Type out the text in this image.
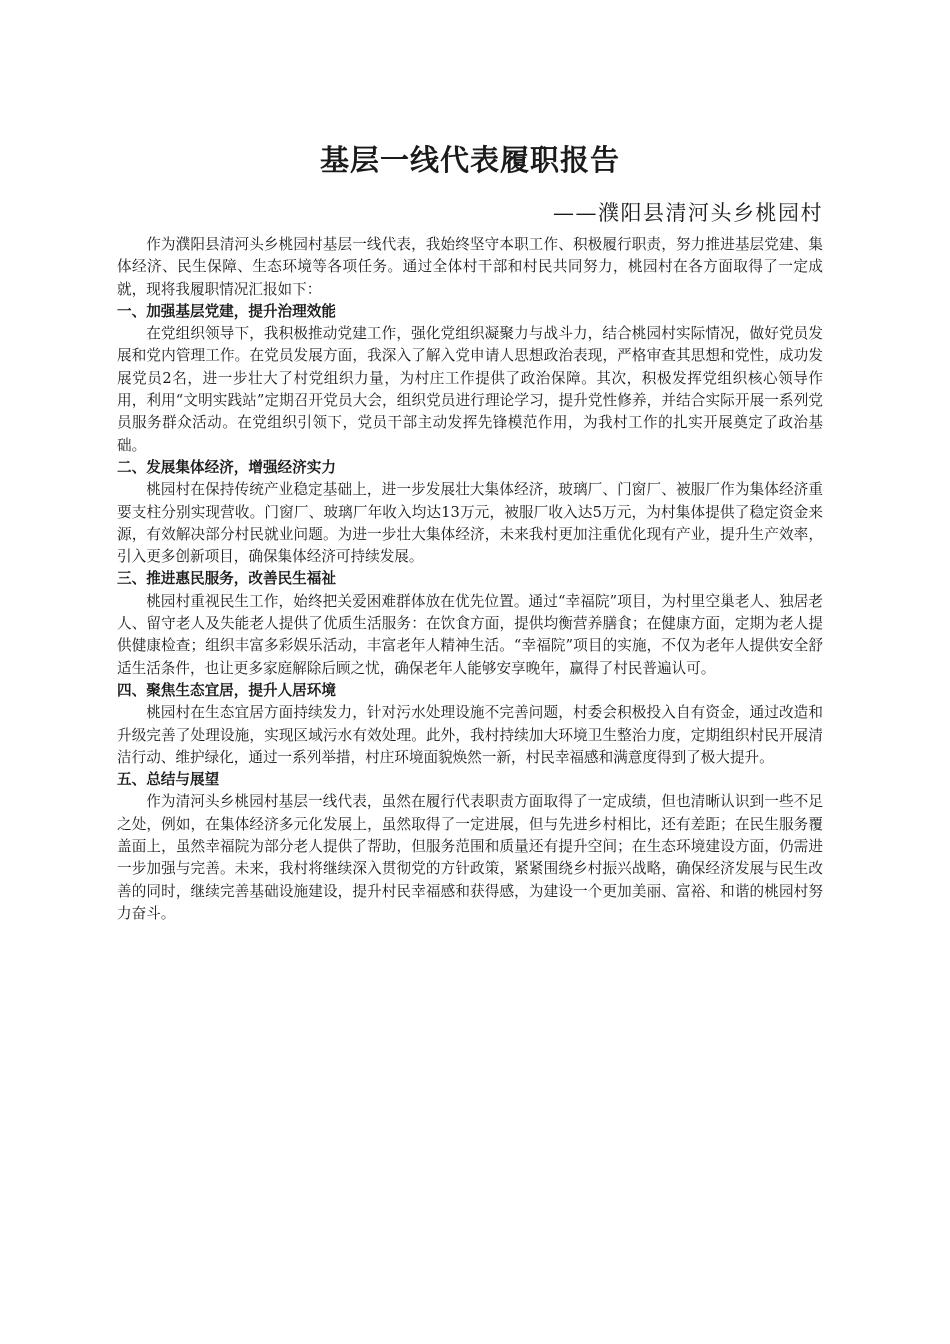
基层一线代表履职报告
——濮阳县清河头乡桃园村

作为濮阳县清河头乡桃园村基层一线代表，我始终坚守本职工作、积极履行职责，努力推进基层党建、集体经济、民生保障、生态环境等各项任务。通过全体村干部和村民共同努力，桃园村在各方面取得了一定成就，现将我履职情况汇报如下：

一、加强基层党建，提升治理效能

在党组织领导下，我积极推动党建工作，强化党组织凝聚力与战斗力，结合桃园村实际情况，做好党员发展和党内管理工作。在党员发展方面，我深入了解入党申请人思想政治表现，严格审查其思想和党性，成功发展党员2名，进一步壮大了村党组织力量，为村庄工作提供了政治保障。其次，积极发挥党组织核心领导作用，利用“文明实践站”定期召开党员大会，组织党员进行理论学习，提升党性修养，并结合实际开展一系列党员服务群众活动。在党组织引领下，党员干部主动发挥先锋模范作用，为我村工作的扎实开展奠定了政治基础。

二、发展集体经济，增强经济实力

桃园村在保持传统产业稳定基础上，进一步发展壮大集体经济，玻璃厂、门窗厂、被服厂作为集体经济重要支柱分别实现营收。门窗厂、玻璃厂年收入均达13万元，被服厂收入达5万元，为村集体提供了稳定资金来源，有效解决部分村民就业问题。为进一步壮大集体经济，未来我村更加注重优化现有产业，提升生产效率，引入更多创新项目，确保集体经济可持续发展。

三、推进惠民服务，改善民生福祉

桃园村重视民生工作，始终把关爱困难群体放在优先位置。通过“幸福院”项目，为村里空巢老人、独居老人、留守老人及失能老人提供了优质生活服务：在饮食方面，提供均衡营养膳食；在健康方面，定期为老人提供健康检查；组织丰富多彩娱乐活动，丰富老年人精神生活。“幸福院”项目的实施，不仅为老年人提供安全舒适生活条件，也让更多家庭解除后顾之忧，确保老年人能够安享晚年，赢得了村民普遍认可。

四、聚焦生态宜居，提升人居环境

桃园村在生态宜居方面持续发力，针对污水处理设施不完善问题，村委会积极投入自有资金，通过改造和升级完善了处理设施，实现区域污水有效处理。此外，我村持续加大环境卫生整治力度，定期组织村民开展清洁行动、维护绿化，通过一系列举措，村庄环境面貌焕然一新，村民幸福感和满意度得到了极大提升。

五、总结与展望

作为清河头乡桃园村基层一线代表，虽然在履行代表职责方面取得了一定成绩，但也清晰认识到一些不足之处，例如，在集体经济多元化发展上，虽然取得了一定进展，但与先进乡村相比，还有差距；在民生服务覆盖面上，虽然幸福院为部分老人提供了帮助，但服务范围和质量还有提升空间；在生态环境建设方面，仍需进一步加强与完善。未来，我村将继续深入贯彻党的方针政策，紧紧围绕乡村振兴战略，确保经济发展与民生改善的同时，继续完善基础设施建设，提升村民幸福感和获得感，为建设一个更加美丽、富裕、和谐的桃园村努力奋斗。
